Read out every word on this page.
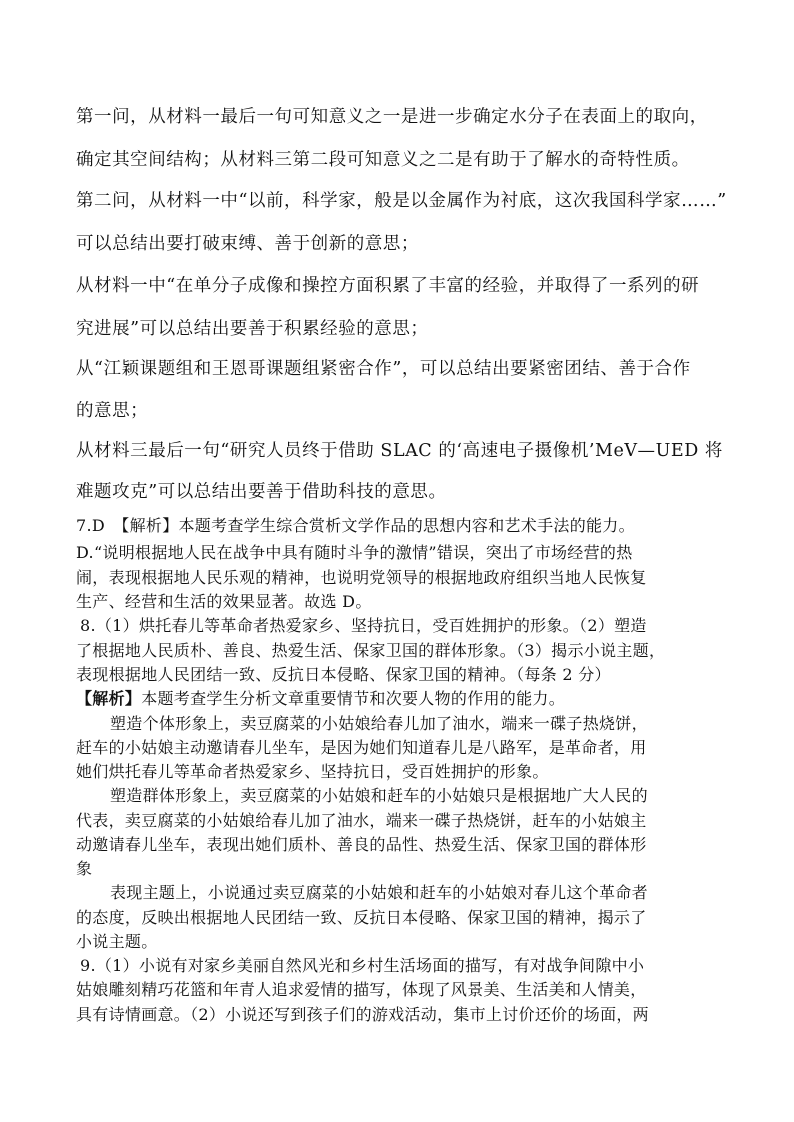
第一问，从材料一最后一句可知意义之一是进一步确定水分子在表面上的取向，
确定其空间结构；从材料三第二段可知意义之二是有助于了解水的奇特性质。
第二问，从材料一中“以前，科学家，般是以金属作为衬底，这次我国科学家……”
可以总结出要打破束缚、善于创新的意思；
从材料一中“在单分子成像和操控方面积累了丰富的经验，并取得了一系列的研
究进展”可以总结出要善于积累经验的意思；
从“江颖课题组和王恩哥课题组紧密合作”，可以总结出要紧密团结、善于合作
的意思；
从材料三最后一句“研究人员终于借助 SLAC 的‘高速电子摄像机’MeV—UED 将
难题攻克”可以总结出要善于借助科技的意思。
7.D　【解析】本题考查学生综合赏析文学作品的思想内容和艺术手法的能力。
D.“说明根据地人民在战争中具有随时斗争的激情”错误，突出了市场经营的热
闹，表现根据地人民乐观的精神，也说明党领导的根据地政府组织当地人民恢复
生产、经营和生活的效果显著。故选 D。
8.（1）烘托春儿等革命者热爱家乡、坚持抗日，受百姓拥护的形象。（2）塑造
了根据地人民质朴、善良、热爱生活、保家卫国的群体形象。（3）揭示小说主题，
表现根据地人民团结一致、反抗日本侵略、保家卫国的精神。（每条 2 分）
【解析】本题考查学生分析文章重要情节和次要人物的作用的能力。
塑造个体形象上，卖豆腐菜的小姑娘给春儿加了油水，端来一碟子热烧饼，
赶车的小姑娘主动邀请春儿坐车，是因为她们知道春儿是八路军，是革命者，用
她们烘托春儿等革命者热爱家乡、坚持抗日，受百姓拥护的形象。
塑造群体形象上，卖豆腐菜的小姑娘和赶车的小姑娘只是根据地广大人民的
代表，卖豆腐菜的小姑娘给春儿加了油水，端来一碟子热烧饼，赶车的小姑娘主
动邀请春儿坐车，表现出她们质朴、善良的品性、热爱生活、保家卫国的群体形
象
表现主题上，小说通过卖豆腐菜的小姑娘和赶车的小姑娘对春儿这个革命者
的态度，反映出根据地人民团结一致、反抗日本侵略、保家卫国的精神，揭示了
小说主题。
9.（1）小说有对家乡美丽自然风光和乡村生活场面的描写，有对战争间隙中小
姑娘雕刻精巧花篮和年青人追求爱情的描写，体现了风景美、生活美和人情美，
具有诗情画意。（2）小说还写到孩子们的游戏活动，集市上讨价还价的场面，两
